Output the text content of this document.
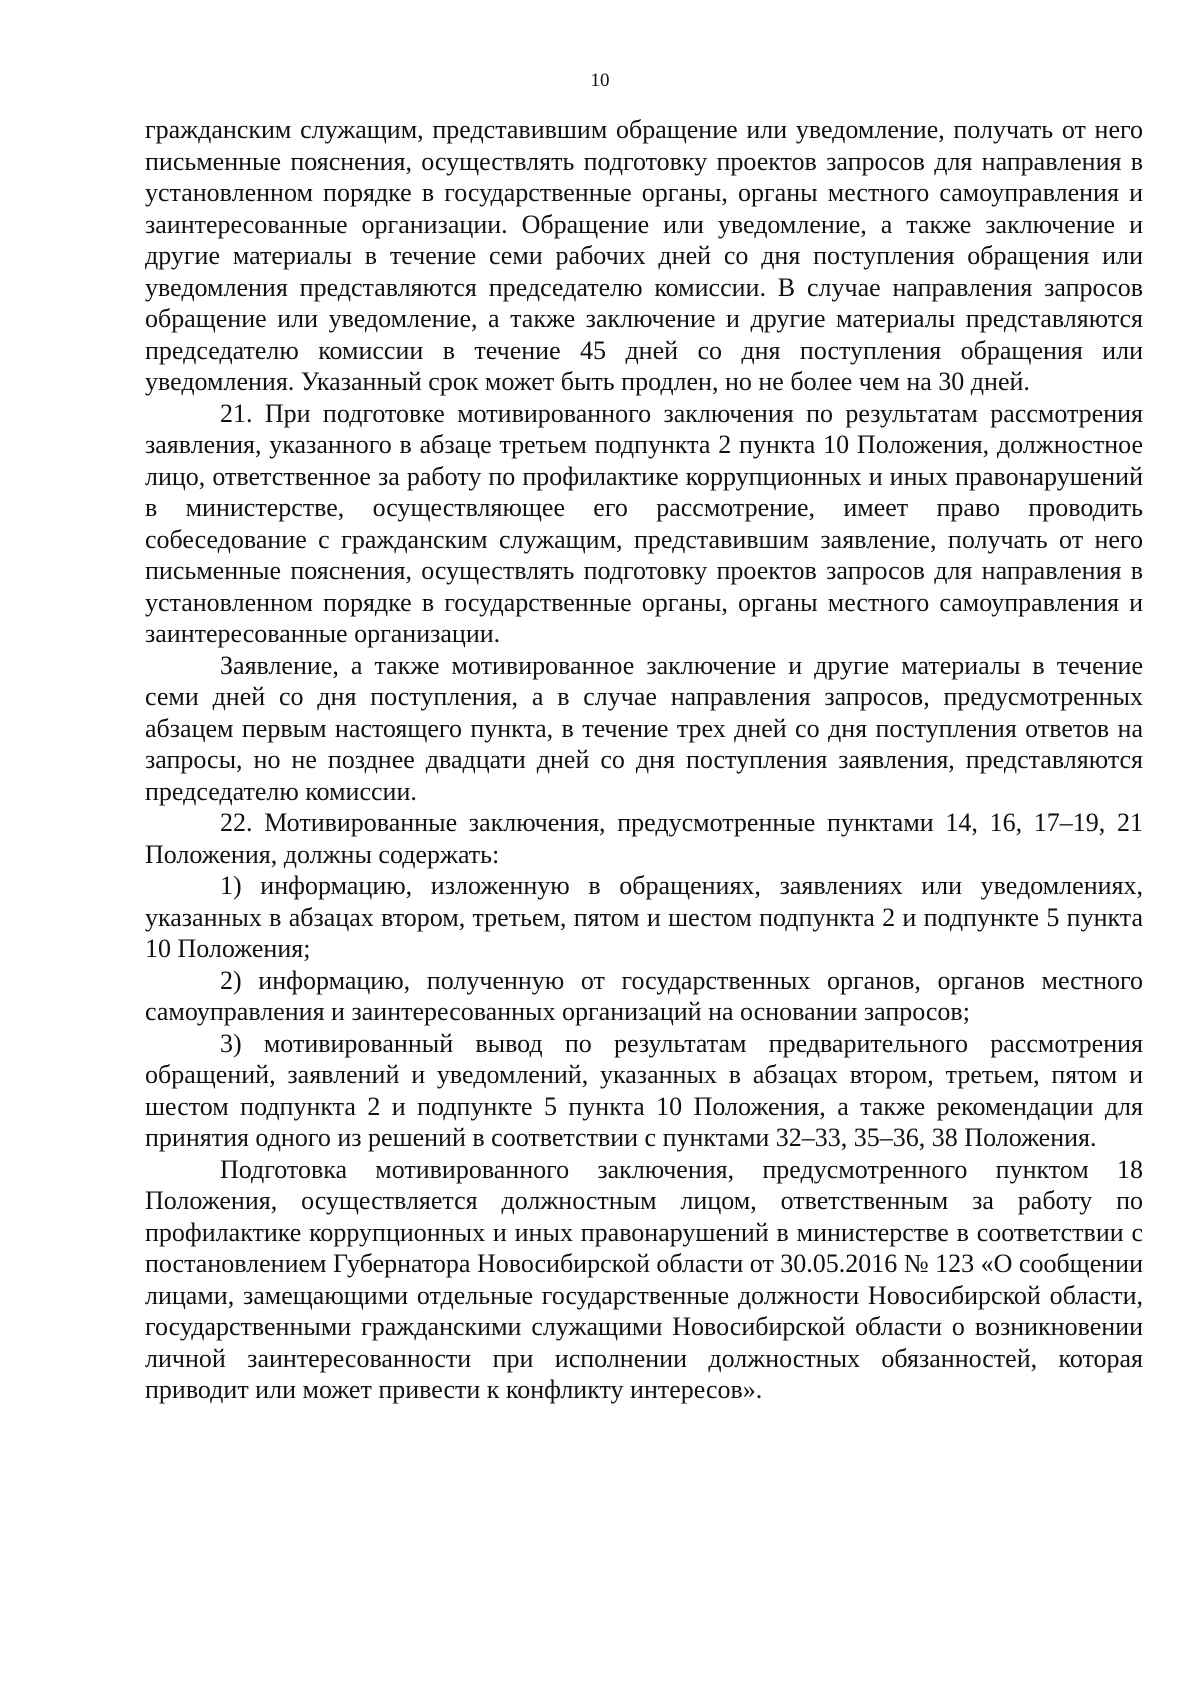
10

гражданским служащим, представившим обращение или уведомление, получать от него письменные пояснения, осуществлять подготовку проектов запросов для направления в установленном порядке в государственные органы, органы местного самоуправления и заинтересованные организации. Обращение или уведомление, а также заключение и другие материалы в течение семи рабочих дней со дня поступления обращения или уведомления представляются председателю комиссии. В случае направления запросов обращение или уведомление, а также заключение и другие материалы представляются председателю комиссии в течение 45 дней со дня поступления обращения или уведомления. Указанный срок может быть продлен, но не более чем на 30 дней.

21. При подготовке мотивированного заключения по результатам рассмотрения заявления, указанного в абзаце третьем подпункта 2 пункта 10 Положения, должностное лицо, ответственное за работу по профилактике коррупционных и иных правонарушений в министерстве, осуществляющее его рассмотрение, имеет право проводить собеседование с гражданским служащим, представившим заявление, получать от него письменные пояснения, осуществлять подготовку проектов запросов для направления в установленном порядке в государственные органы, органы местного самоуправления и заинтересованные организации.

Заявление, а также мотивированное заключение и другие материалы в течение семи дней со дня поступления, а в случае направления запросов, предусмотренных абзацем первым настоящего пункта, в течение трех дней со дня поступления ответов на запросы, но не позднее двадцати дней со дня поступления заявления, представляются председателю комиссии.

22. Мотивированные заключения, предусмотренные пунктами 14, 16, 17–19, 21 Положения, должны содержать:

1) информацию, изложенную в обращениях, заявлениях или уведомлениях, указанных в абзацах втором, третьем, пятом и шестом подпункта 2 и подпункте 5 пункта 10 Положения;

2) информацию, полученную от государственных органов, органов местного самоуправления и заинтересованных организаций на основании запросов;

3) мотивированный вывод по результатам предварительного рассмотрения обращений, заявлений и уведомлений, указанных в абзацах втором, третьем, пятом и шестом подпункта 2 и подпункте 5 пункта 10 Положения, а также рекомендации для принятия одного из решений в соответствии с пунктами 32–33, 35–36, 38 Положения.

Подготовка мотивированного заключения, предусмотренного пунктом 18 Положения, осуществляется должностным лицом, ответственным за работу по профилактике коррупционных и иных правонарушений в министерстве в соответствии с постановлением Губернатора Новосибирской области от 30.05.2016 № 123 «О сообщении лицами, замещающими отдельные государственные должности Новосибирской области, государственными гражданскими служащими Новосибирской области о возникновении личной заинтересованности при исполнении должностных обязанностей, которая приводит или может привести к конфликту интересов».
